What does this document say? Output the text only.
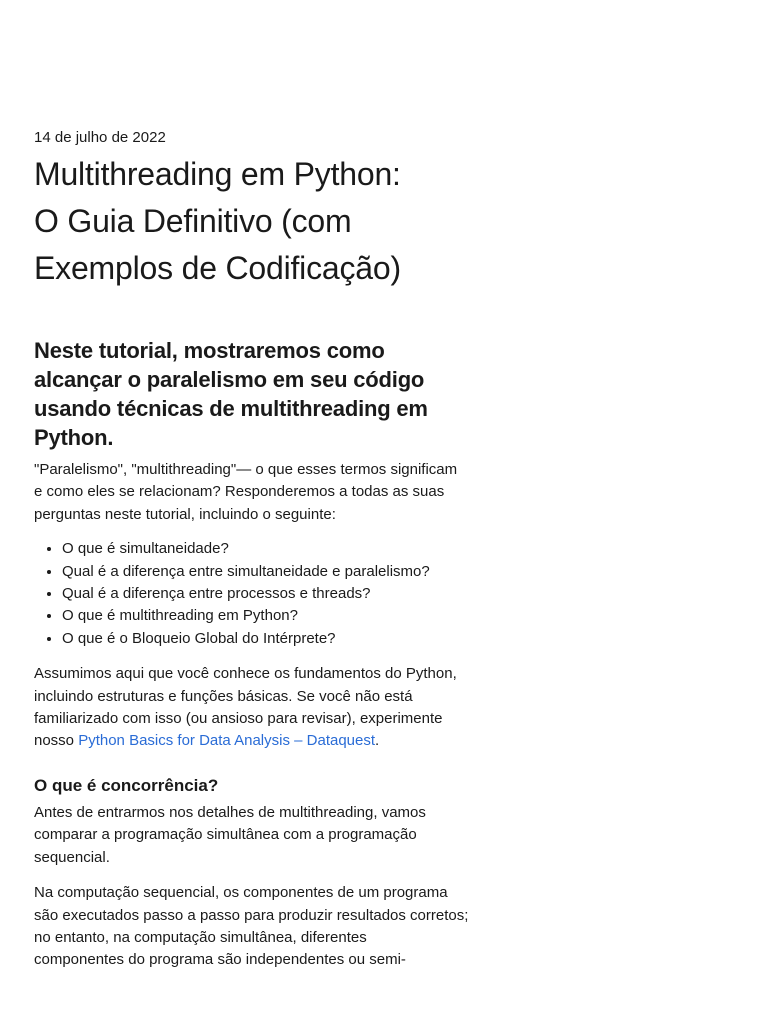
14 de julho de 2022

Multithreading em Python:
O Guia Definitivo (com
Exemplos de Codificação)
Neste tutorial, mostraremos como
alcançar o paralelismo em seu código
usando técnicas de multithreading em
Python.

"Paralelismo", "multithreading"— o que esses termos significam
e como eles se relacionam? Responderemos a todas as suas
perguntas neste tutorial, incluindo o seguinte:

• O que é simultaneidade?
• Qual é a diferença entre simultaneidade e paralelismo?
• Qual é a diferença entre processos e threads?
• O que é multithreading em Python?
• O que é o Bloqueio Global do Intérprete?

Assumimos aqui que você conhece os fundamentos do Python,
incluindo estruturas e funções básicas. Se você não está
familiarizado com isso (ou ansioso para revisar), experimente
nosso Python Basics for Data Analysis – Dataquest.

O que é concorrência?

Antes de entrarmos nos detalhes de multithreading, vamos
comparar a programação simultânea com a programação
sequencial.

Na computação sequencial, os componentes de um programa
são executados passo a passo para produzir resultados corretos;
no entanto, na computação simultânea, diferentes
componentes do programa são independentes ou semi-
